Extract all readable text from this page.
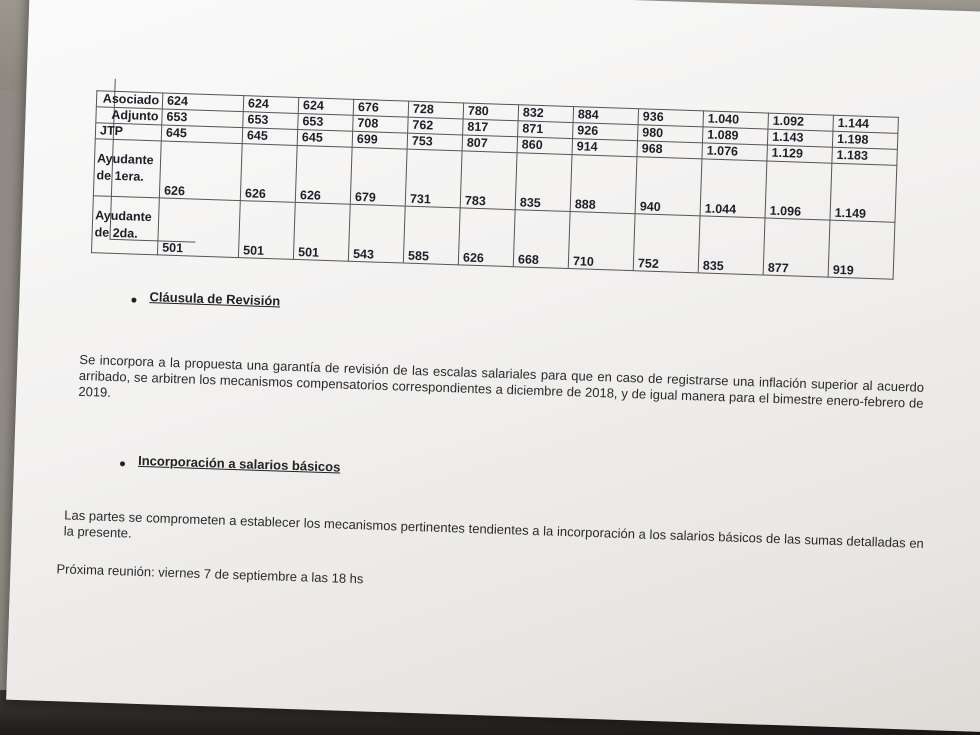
Asociado	624	624	624	676	728	780	832	884	936	1.040	1.092	1.144
Adjunto	653	653	653	708	762	817	871	926	980	1.089	1.143	1.198
JTP	645	645	645	699	753	807	860	914	968	1.076	1.129	1.183

Ayudante
de 1era.	626	626	626	679	731	783	835	888	940	1.044	1.096	1.149

Ayudante
de 2da.	501	501	501	543	585	626	668	710	752	835	877	919
Cláusula de Revisión
Se incorpora a la propuesta una garantía de revisión de las escalas salariales para que en caso de registrarse una inflación superior al acuerdo arribado, se arbitren los mecanismos compensatorios correspondientes a diciembre de 2018, y de igual manera para el bimestre enero-febrero de 2019.
Incorporación a salarios básicos
Las partes se comprometen a establecer los mecanismos pertinentes tendientes a la incorporación a los salarios básicos de las sumas detalladas en la presente.
Próxima reunión: viernes 7 de septiembre a las 18 hs
